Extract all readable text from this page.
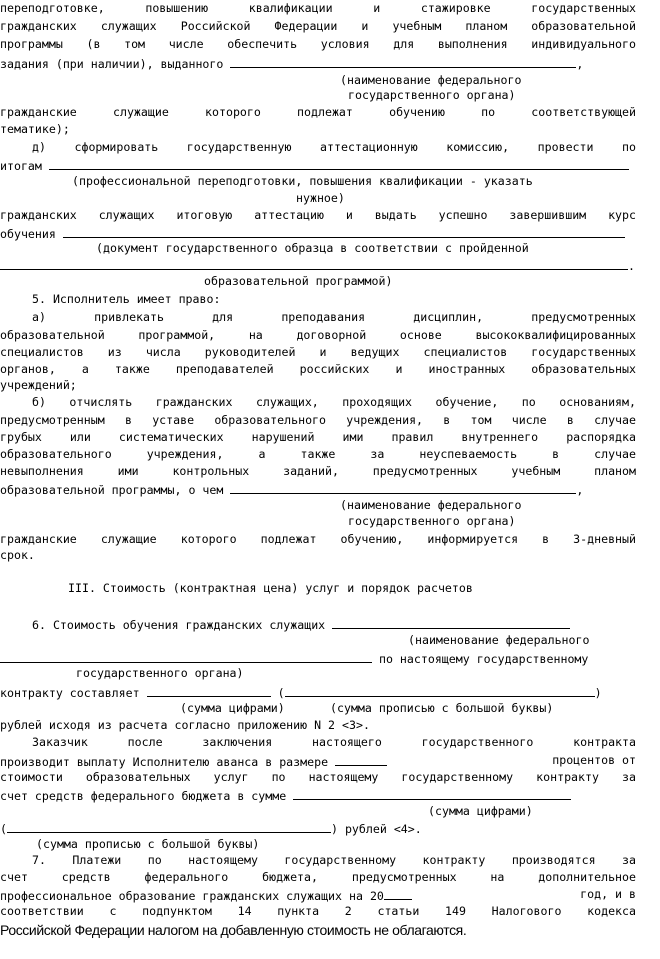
переподготовке, повышению квалификации и стажировке государственных
гражданских служащих Российской Федерации и учебным планом образовательной
программы (в том числе обеспечить условия для выполнения индивидуального
задания (при наличии), выданного	,
(наименование федерального
государственного органа)
гражданские служащие которого подлежат обучению по соответствующей
тематике);
д) сформировать государственную аттестационную комиссию, провести по
итогам
(профессиональной переподготовки, повышения квалификации - указать
нужное)
гражданских служащих итоговую аттестацию и выдать успешно завершившим курс
обучения
(документ государственного образца в соответствии с пройденной
.
образовательной программой)
5. Исполнитель имеет право:
а) привлекать для преподавания дисциплин, предусмотренных
образовательной программой, на договорной основе высококвалифицированных
специалистов из числа руководителей и ведущих специалистов государственных
органов, а также преподавателей российских и иностранных образовательных
учреждений;
б) отчислять гражданских служащих, проходящих обучение, по основаниям,
предусмотренным в уставе образовательного учреждения, в том числе в случае
грубых или систематических нарушений ими правил внутреннего распорядка
образовательного учреждения, а также за неуспеваемость в случае
невыполнения ими контрольных заданий, предусмотренных учебным планом
образовательной программы, о чем	,
(наименование федерального
государственного органа)
гражданские служащие которого подлежат обучению, информируется в 3-дневный
срок.
III. Стоимость (контрактная цена) услуг и порядок расчетов
6. Стоимость обучения гражданских служащих
(наименование федерального
по настоящему государственному
государственного органа)
контракту составляет	(	)
(сумма цифрами)	(сумма прописью с большой буквы)
рублей исходя из расчета согласно приложению N 2 <3>.
Заказчик после заключения настоящего государственного контракта
производит выплату Исполнителю аванса в размере	процентов от
стоимости образовательных услуг по настоящему государственному контракту за
счет средств федерального бюджета в сумме
(сумма цифрами)
(	) рублей <4>.
(сумма прописью с большой буквы)
7. Платежи по настоящему государственному контракту производятся за
счет средств федерального бюджета, предусмотренных на дополнительное
профессиональное образование гражданских служащих на 20	год, и в
соответствии с подпунктом 14 пункта 2 статьи 149 Налогового кодекса
Российской Федерации налогом на добавленную стоимость не облагаются.
